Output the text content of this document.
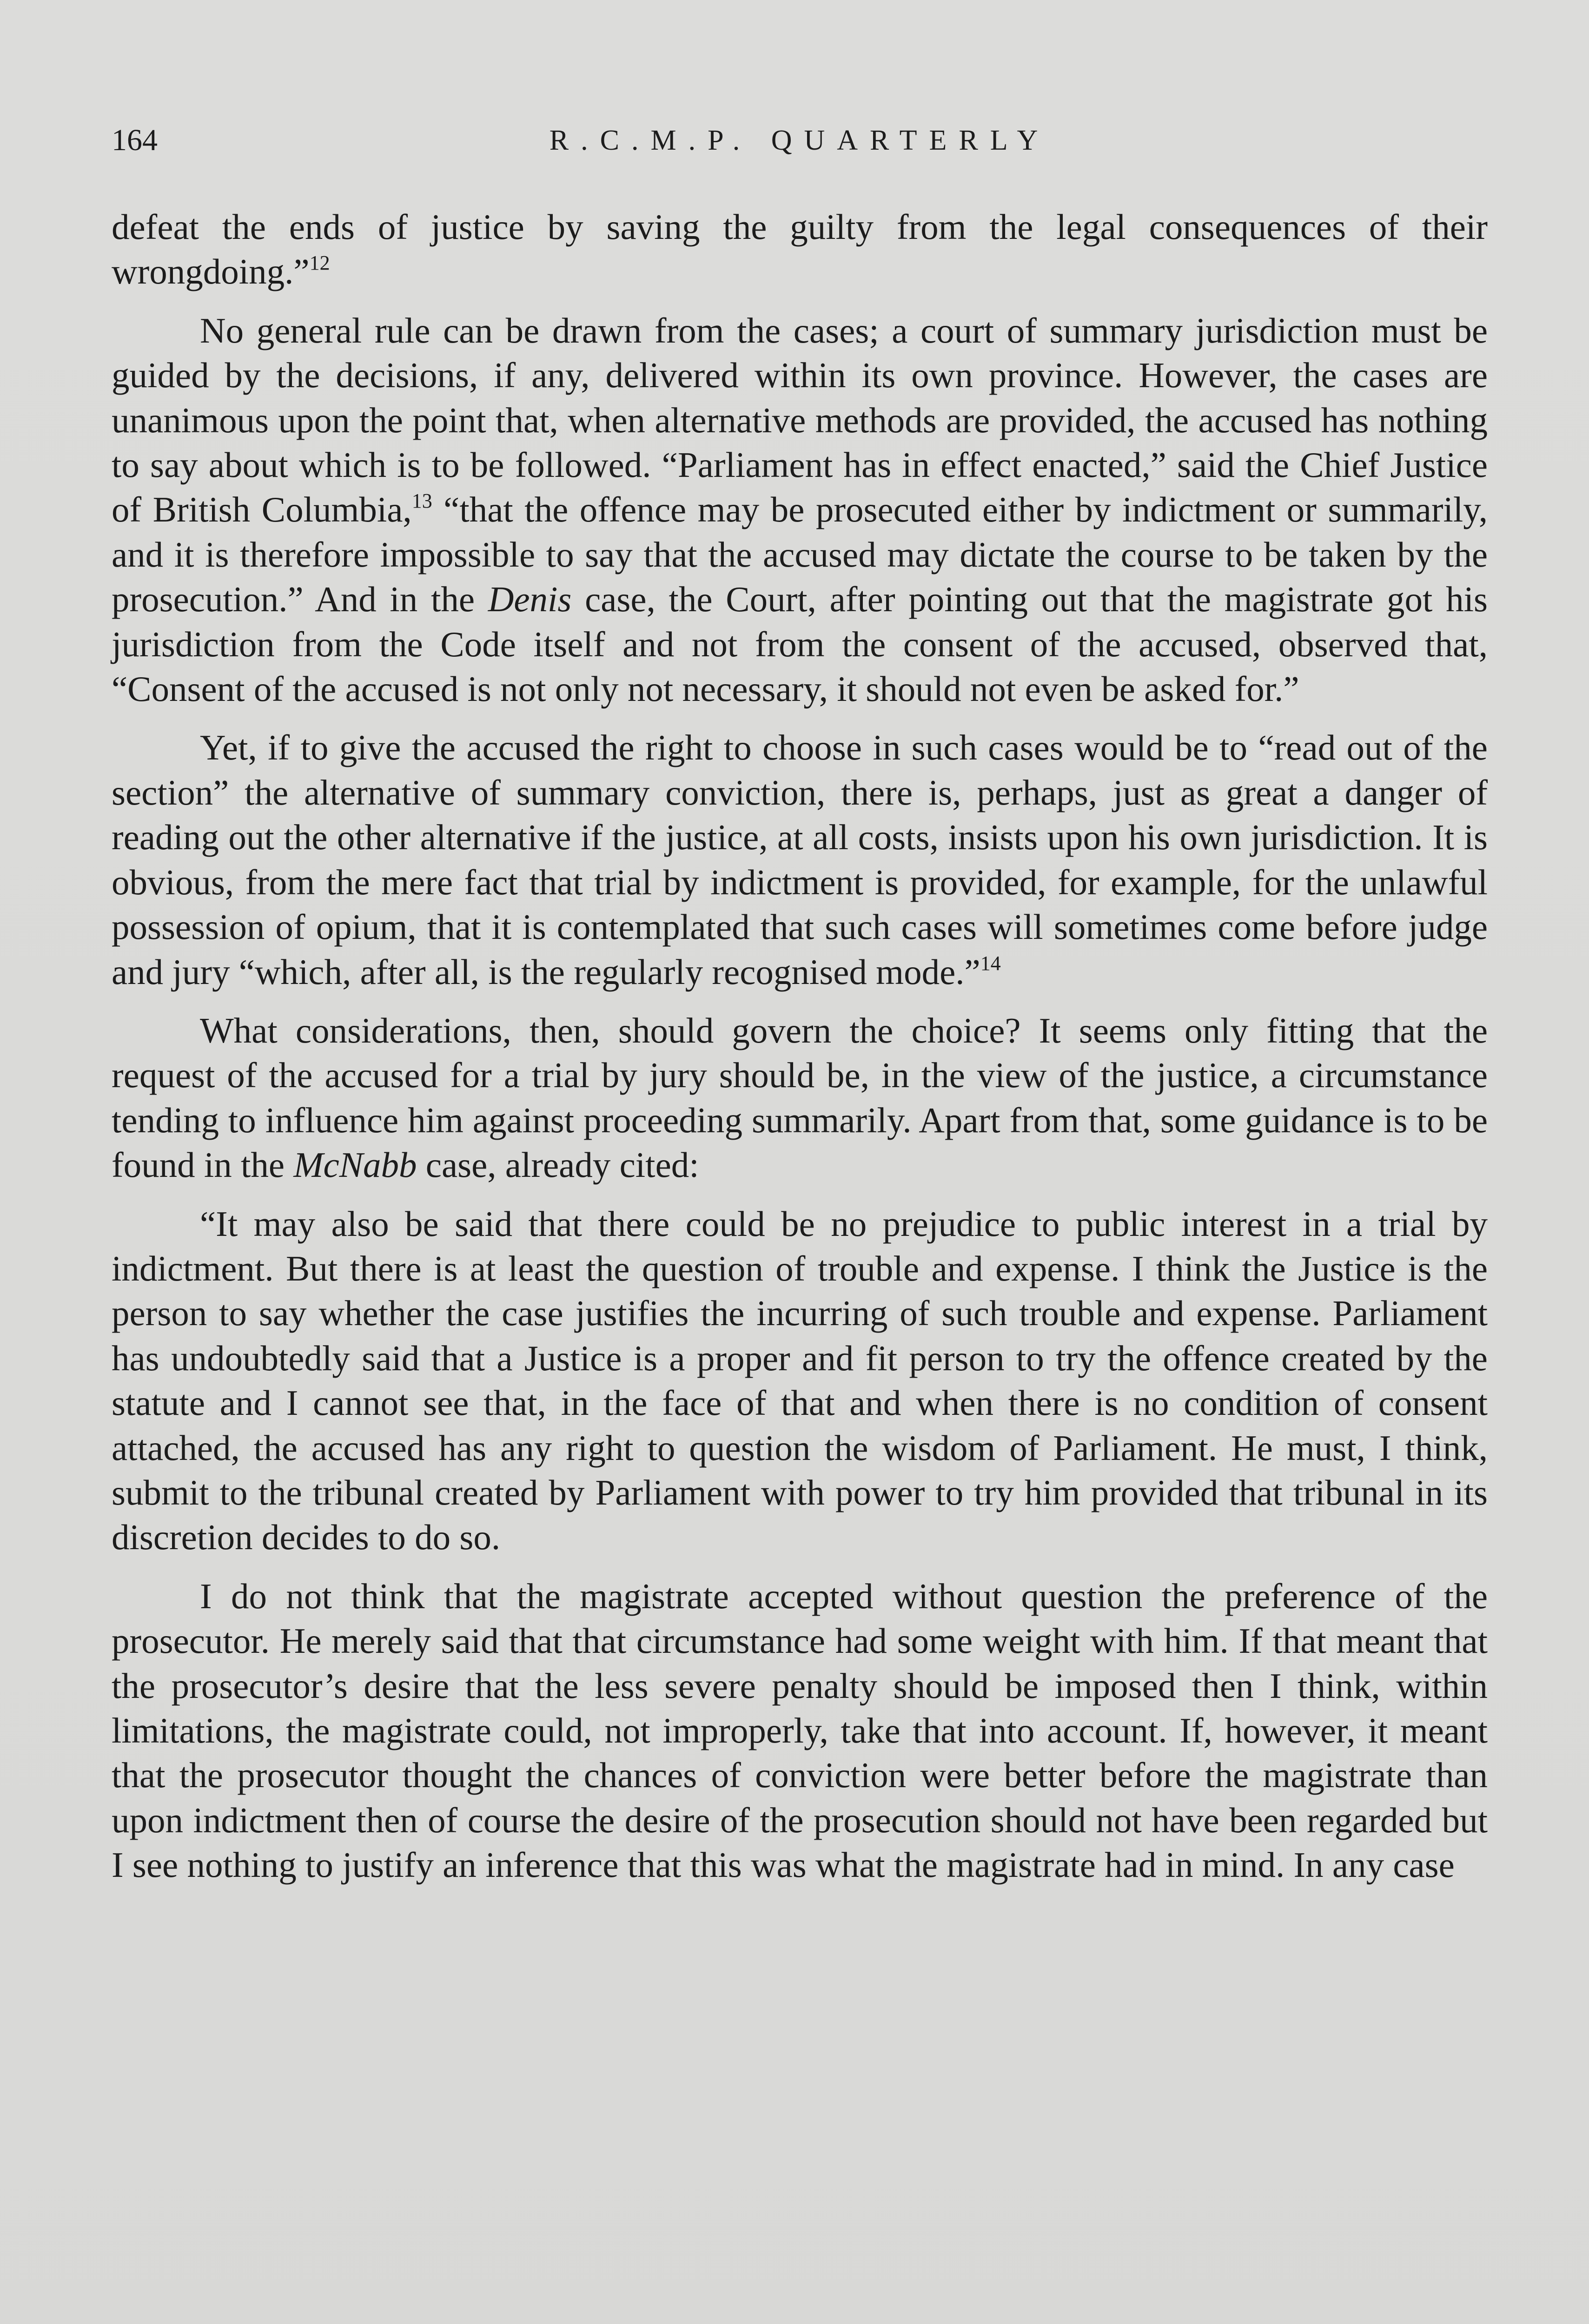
164	R.C.M.P. QUARTERLY

defeat the ends of justice by saving the guilty from the legal consequences of their wrongdoing.”$^{12}$

No general rule can be drawn from the cases; a court of summary jurisdiction must be guided by the decisions, if any, delivered within its own province. However, the cases are unanimous upon the point that, when alternative methods are provided, the accused has nothing to say about which is to be followed. “Parliament has in effect enacted,” said the Chief Justice of British Columbia,$^{13}$ “that the offence may be prosecuted either by indictment or summarily, and it is therefore impossible to say that the accused may dictate the course to be taken by the prosecution.” And in the Denis case, the Court, after pointing out that the magistrate got his jurisdiction from the Code itself and not from the consent of the accused, observed that, “Consent of the accused is not only not necessary, it should not even be asked for.”

Yet, if to give the accused the right to choose in such cases would be to “read out of the section” the alternative of summary conviction, there is, perhaps, just as great a danger of reading out the other alternative if the justice, at all costs, insists upon his own jurisdiction. It is obvious, from the mere fact that trial by indictment is provided, for example, for the unlawful possession of opium, that it is contemplated that such cases will sometimes come before judge and jury “which, after all, is the regularly recognised mode.”$^{14}$

What considerations, then, should govern the choice? It seems only fitting that the request of the accused for a trial by jury should be, in the view of the justice, a circumstance tending to influence him against proceeding summarily. Apart from that, some guidance is to be found in the McNabb case, already cited:

“It may also be said that there could be no prejudice to public interest in a trial by indictment. But there is at least the question of trouble and expense. I think the Justice is the person to say whether the case justifies the incurring of such trouble and expense. Parliament has undoubtedly said that a Justice is a proper and fit person to try the offence created by the statute and I cannot see that, in the face of that and when there is no condition of consent attached, the accused has any right to question the wisdom of Parliament. He must, I think, submit to the tribunal created by Parliament with power to try him provided that tribunal in its discretion decides to do so.

I do not think that the magistrate accepted without question the preference of the prosecutor. He merely said that that circumstance had some weight with him. If that meant that the prosecutor’s desire that the less severe penalty should be imposed then I think, within limitations, the magistrate could, not improperly, take that into account. If, however, it meant that the prosecutor thought the chances of conviction were better before the magistrate than upon indictment then of course the desire of the prosecution should not have been regarded but I see nothing to justify an inference that this was what the magistrate had in mind. In any case
